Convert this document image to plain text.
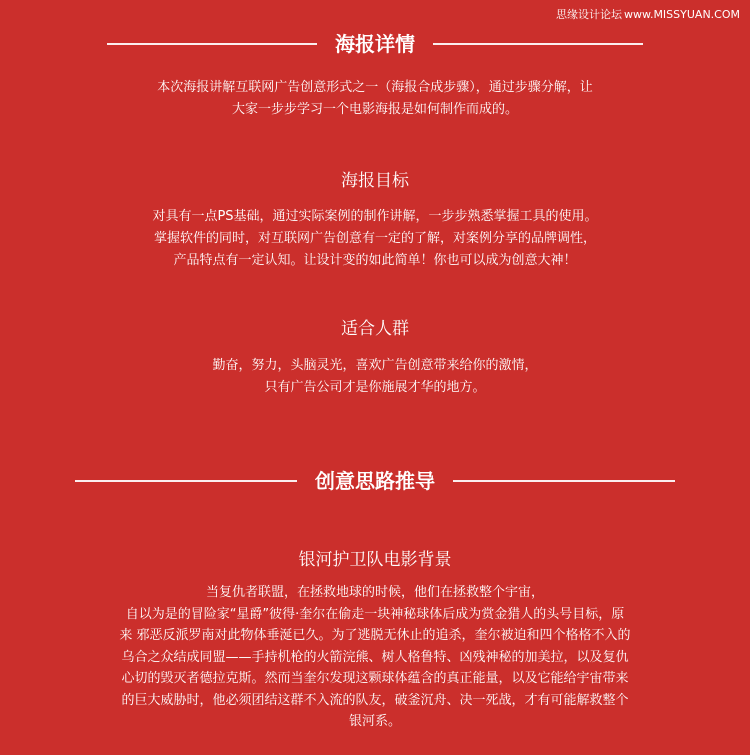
思缘设计论坛 www.MISSYUAN.COM
海报详情
本次海报讲解互联网广告创意形式之一（海报合成步骤），通过步骤分解，让
大家一步步学习一个电影海报是如何制作而成的。
海报目标
对具有一点PS基础，通过实际案例的制作讲解，一步步熟悉掌握工具的使用。
掌握软件的同时，对互联网广告创意有一定的了解，对案例分享的品牌调性，
产品特点有一定认知。让设计变的如此简单！你也可以成为创意大神！
适合人群
勤奋，努力，头脑灵光，喜欢广告创意带来给你的激情，
只有广告公司才是你施展才华的地方。
创意思路推导
银河护卫队电影背景
当复仇者联盟，在拯救地球的时候，他们在拯救整个宇宙，
自以为是的冒险家“星爵”彼得·奎尔在偷走一块神秘球体后成为赏金猎人的头号目标，原
来 邪恶反派罗南对此物体垂涎已久。为了逃脱无休止的追杀，奎尔被迫和四个格格不入的
乌合之众结成同盟——手持机枪的火箭浣熊、树人格鲁特、凶残神秘的加美拉，以及复仇
心切的毁灭者德拉克斯。然而当奎尔发现这颗球体蕴含的真正能量，以及它能给宇宙带来
的巨大威胁时，他必须团结这群不入流的队友，破釜沉舟、决一死战，才有可能解救整个
银河系。
